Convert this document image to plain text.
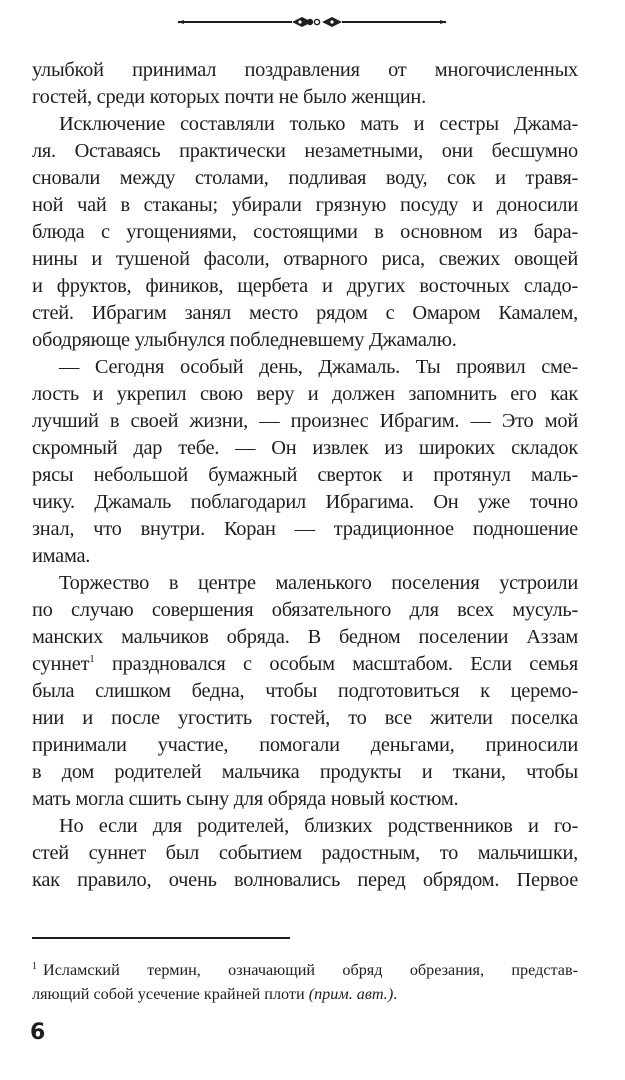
улыбкой принимал поздравления от многочисленных
гостей, среди которых почти не было женщин.
Исключение составляли только мать и сестры Джама-
ля. Оставаясь практически незаметными, они бесшумно
сновали между столами, подливая воду, сок и травя-
ной чай в стаканы; убирали грязную посуду и доносили
блюда с угощениями, состоящими в основном из бара-
нины и тушеной фасоли, отварного риса, свежих овощей
и фруктов, фиников, щербета и других восточных сладо-
стей. Ибрагим занял место рядом с Омаром Камалем,
ободряюще улыбнулся побледневшему Джамалю.
— Сегодня особый день, Джамаль. Ты проявил сме-
лость и укрепил свою веру и должен запомнить его как
лучший в своей жизни, — произнес Ибрагим. — Это мой
скромный дар тебе. — Он извлек из широких складок
рясы небольшой бумажный сверток и протянул маль-
чику. Джамаль поблагодарил Ибрагима. Он уже точно
знал, что внутри. Коран — традиционное подношение
имама.
Торжество в центре маленького поселения устроили
по случаю совершения обязательного для всех мусуль-
манских мальчиков обряда. В бедном поселении Аззам
суннет$^1$ празднoвался с особым масштабом. Если семья
была слишком бедна, чтобы подготовиться к церемо-
нии и после угостить гостей, то все жители поселка
принимали участие, помогали деньгами, приносили
в дом родителей мальчика продукты и ткани, чтобы
мать могла сшить сыну для обряда новый костюм.
Но если для родителей, близких родственников и го-
стей суннет был событием радостным, то мальчишки,
как правило, очень волновались перед обрядом. Первое
$^1$ Исламский термин, означающий обряд обрезания, представ-
ляющий собой усечение крайней плоти (прим. авт.).
6
